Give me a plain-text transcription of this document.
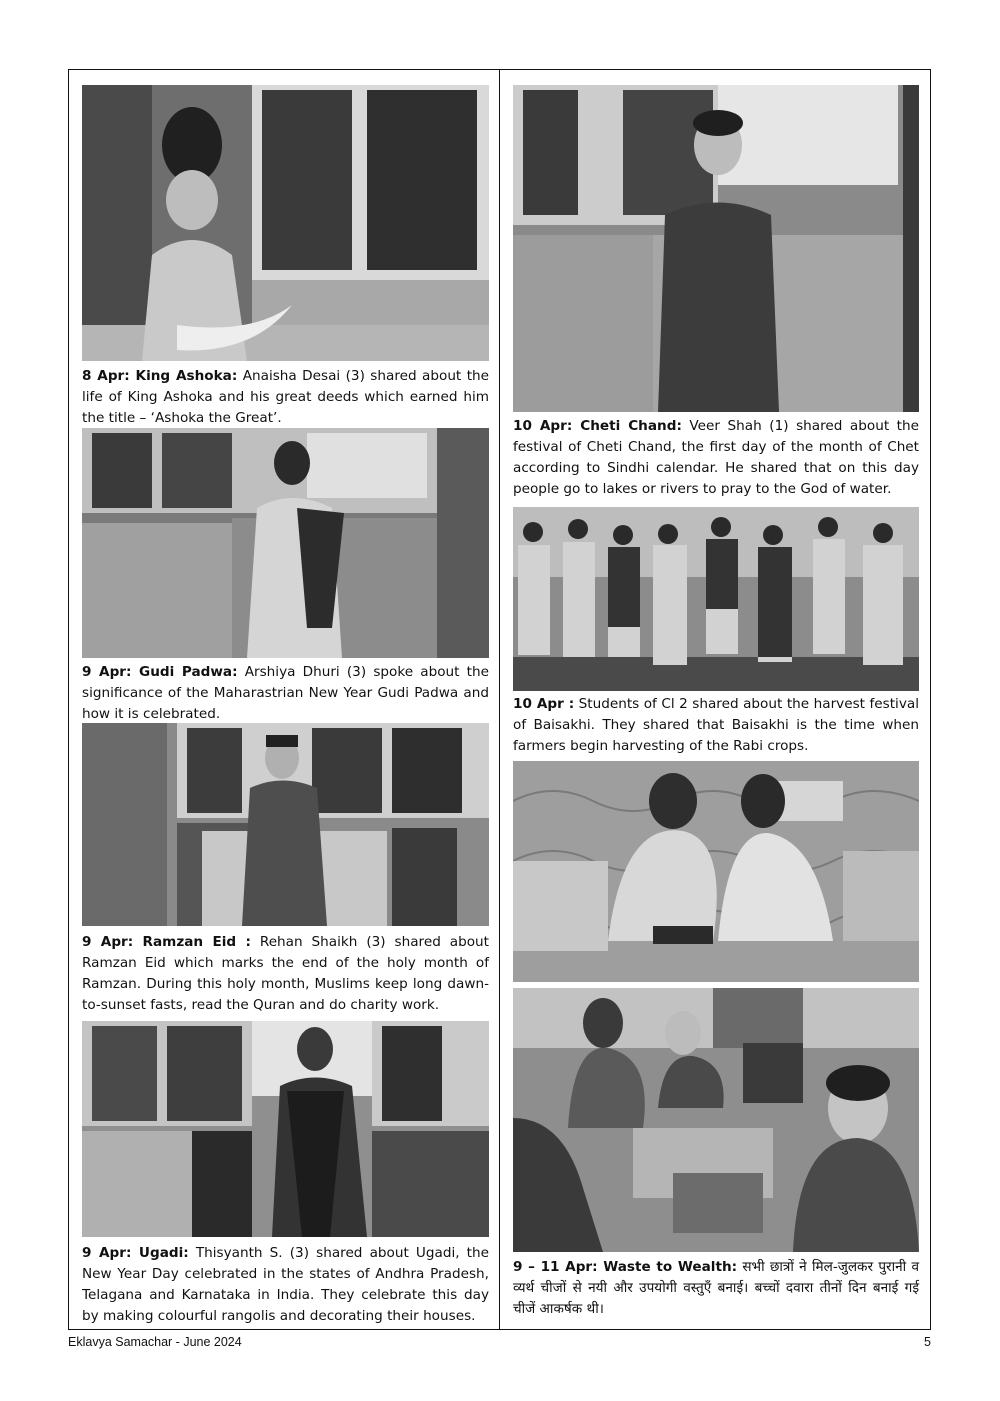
8 Apr: King Ashoka: Anaisha Desai (3) shared about the life of King Ashoka and his great deeds which earned him the title – ‘Ashoka the Great’.

9 Apr: Gudi Padwa: Arshiya Dhuri (3) spoke about the significance of the Maharastrian New Year Gudi Padwa and how it is celebrated.

9 Apr: Ramzan Eid : Rehan Shaikh (3) shared about Ramzan Eid which marks the end of the holy month of Ramzan. During this holy month, Muslims keep long dawn-to-sunset fasts, read the Quran and do charity work.

9 Apr: Ugadi: Thisyanth S. (3) shared about Ugadi, the New Year Day celebrated in the states of Andhra Pradesh, Telagana and Karnataka in India. They celebrate this day by making colourful rangolis and decorating their houses.

10 Apr: Cheti Chand: Veer Shah (1) shared about the festival of Cheti Chand, the first day of the month of Chet according to Sindhi calendar. He shared that on this day people go to lakes or rivers to pray to the God of water.

10 Apr : Students of Cl 2 shared about the harvest festival of Baisakhi. They shared that Baisakhi is the time when farmers begin harvesting of the Rabi crops.

9 – 11 Apr: Waste to Wealth: सभी छात्रों ने मिल-जुलकर पुरानी व व्यर्थ चीजों से नयी और उपयोगी वस्तुएँ बनाई। बच्चों दवारा तीनों दिन बनाई गई चीजें आकर्षक थी।

Eklavya Samachar - June 2024	5
